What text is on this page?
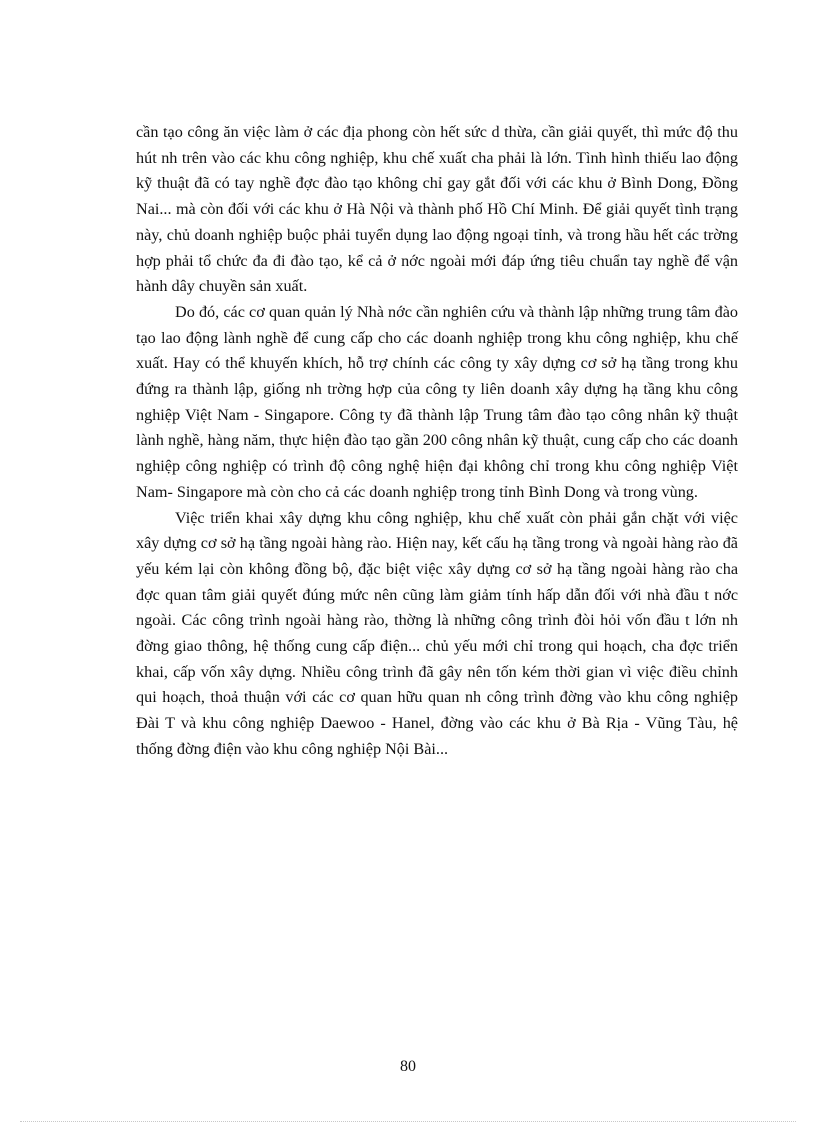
cần tạo công ăn việc làm ở các địa phong còn hết sức d thừa, cần giải quyết, thì mức độ thu hút nh trên vào các khu công nghiệp, khu chế xuất cha phải là lớn. Tình hình thiếu lao động kỹ thuật đã có tay nghề đợc đào tạo không chỉ gay gắt đối với các khu ở Bình Dong, Đồng Nai... mà còn đối với các khu ở Hà Nội và thành phố Hồ Chí Minh. Để giải quyết tình trạng này, chủ doanh nghiệp buộc phải tuyển dụng lao động ngoại tỉnh, và trong hầu hết các trờng hợp phải tổ chức đa đi đào tạo, kể cả ở nớc ngoài mới đáp ứng tiêu chuẩn tay nghề để vận hành dây chuyền sản xuất.

Do đó, các cơ quan quản lý Nhà nớc cần nghiên cứu và thành lập những trung tâm đào tạo lao động lành nghề để cung cấp cho các doanh nghiệp trong khu công nghiệp, khu chế xuất. Hay có thể khuyến khích, hỗ trợ chính các công ty xây dựng cơ sở hạ tầng trong khu đứng ra thành lập, giống nh trờng hợp của công ty liên doanh xây dựng hạ tầng khu công nghiệp Việt Nam - Singapore. Công ty đã thành lập Trung tâm đào tạo công nhân kỹ thuật lành nghề, hàng năm, thực hiện đào tạo gần 200 công nhân kỹ thuật, cung cấp cho các doanh nghiệp công nghiệp có trình độ công nghệ hiện đại không chỉ trong khu công nghiệp Việt Nam- Singapore mà còn cho cả các doanh nghiệp trong tỉnh Bình Dong và trong vùng.

Việc triển khai xây dựng khu công nghiệp, khu chế xuất còn phải gắn chặt với việc xây dựng cơ sở hạ tầng ngoài hàng rào. Hiện nay, kết cấu hạ tầng trong và ngoài hàng rào đã yếu kém lại còn không đồng bộ, đặc biệt việc xây dựng cơ sở hạ tầng ngoài hàng rào cha đợc quan tâm giải quyết đúng mức nên cũng làm giảm tính hấp dẫn đối với nhà đầu t nớc ngoài. Các công trình ngoài hàng rào, thờng là những công trình đòi hỏi vốn đầu t lớn nh đờng giao thông, hệ thống cung cấp điện... chủ yếu mới chỉ trong qui hoạch, cha đợc triển khai, cấp vốn xây dựng. Nhiều công trình đã gây nên tốn kém thời gian vì việc điều chỉnh qui hoạch, thoả thuận với các cơ quan hữu quan nh công trình đờng vào khu công nghiệp Đài T và khu công nghiệp Daewoo - Hanel, đờng vào các khu ở Bà Rịa - Vũng Tàu, hệ thống đờng điện vào khu công nghiệp Nội Bài...

80
